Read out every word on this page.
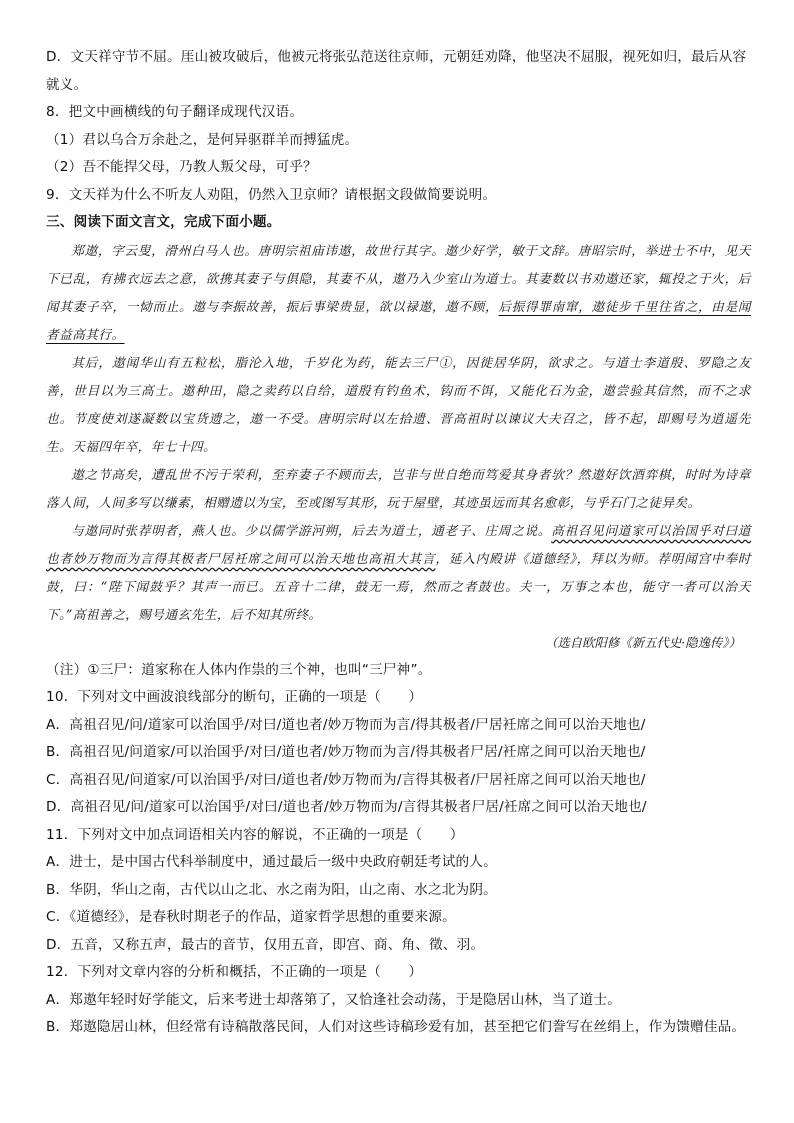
D．文天祥守节不屈。厓山被攻破后，他被元将张弘范送往京师，元朝廷劝降，他坚决不屈服，视死如归，最后从容就义。
8．把文中画横线的句子翻译成现代汉语。
（1）君以乌合万余赴之，是何异驱群羊而搏猛虎。
（2）吾不能捍父母，乃教人叛父母，可乎？
9．文天祥为什么不听友人劝阻，仍然入卫京师？请根据文段做简要说明。
三、阅读下面文言文，完成下面小题。

郑遨，字云叟，滑州白马人也。唐明宗祖庙讳遨，故世行其字。遨少好学，敏于文辞。唐昭宗时，举进士不中，见天下已乱，有拂衣远去之意，欲携其妻子与俱隐，其妻不从，遨乃入少室山为道士。其妻数以书劝遨还家，辄投之于火，后闻其妻子卒，一恸而止。遨与李振故善，振后事梁贵显，欲以禄遨，遨不顾，后振得罪南窜，遨徒步千里往省之，由是闻者益高其行。

其后，遨闻华山有五粒松，脂沦入地，千岁化为药，能去三尸①，因徙居华阴，欲求之。与道士李道殷、罗隐之友善，世目以为三高士。遨种田，隐之卖药以自给，道殷有钓鱼术，钩而不饵，又能化石为金，遨尝验其信然，而不之求也。节度使刘遂凝数以宝货遗之，遨一不受。唐明宗时以左拾遗、晋高祖时以谏议大夫召之，皆不起，即赐号为逍遥先生。天福四年卒，年七十四。

遨之节高矣，遭乱世不污于荣利，至弃妻子不顾而去，岂非与世自绝而笃爱其身者欤？然遨好饮酒弈棋，时时为诗章落人间，人间多写以缣素，相赠遗以为宝，至或图写其形，玩于屋壁，其迹虽远而其名愈彰，与乎石门之徒异矣。

与遨同时张荐明者，燕人也。少以儒学游河朔，后去为道士，通老子、庄周之说。高祖召见问道家可以治国乎对曰道也者妙万物而为言得其极者尸居衽席之间可以治天地也高祖大其言，延入内殿讲《道德经》，拜以为师。荐明闻宫中奉时鼓，曰：“陛下闻鼓乎？其声一而已。五音十二律，鼓无一焉，然而之者鼓也。夫一，万事之本也，能守一者可以治天下。”高祖善之，赐号通玄先生，后不知其所终。

（选自欧阳修《新五代史·隐逸传》）
（注）①三尸：道家称在人体内作祟的三个神，也叫“三尸神”。
10．下列对文中画波浪线部分的断句，正确的一项是（　　）
A．高祖召见/问/道家可以治国乎/对曰/道也者/妙万物而为言/得其极者/尸居衽席之间可以治天地也/
B．高祖召见/问道家/可以治国乎/对曰/道也者/妙万物而为言/得其极者尸居/衽席之间可以治天地也/
C．高祖召见/问道家/可以治国乎/对曰/道也者/妙万物而为/言得其极者/尸居衽席之间可以治天地也/
D．高祖召见/问/道家可以治国乎/对曰/道也者/妙万物而为/言得其极者尸居/衽席之间可以治天地也/
11．下列对文中加点词语相关内容的解说，不正确的一项是（　　）
A．进士，是中国古代科举制度中，通过最后一级中央政府朝廷考试的人。
B．华阴，华山之南，古代以山之北、水之南为阳，山之南、水之北为阴。
C．《道德经》，是春秋时期老子的作品，道家哲学思想的重要来源。
D．五音，又称五声，最古的音节，仅用五音，即宫、商、角、徵、羽。
12．下列对文章内容的分析和概括，不正确的一项是（　　）
A．郑遨年轻时好学能文，后来考进士却落第了，又恰逢社会动荡，于是隐居山林，当了道士。
B．郑遨隐居山林，但经常有诗稿散落民间，人们对这些诗稿珍爱有加，甚至把它们誊写在丝绢上，作为馈赠佳品。
